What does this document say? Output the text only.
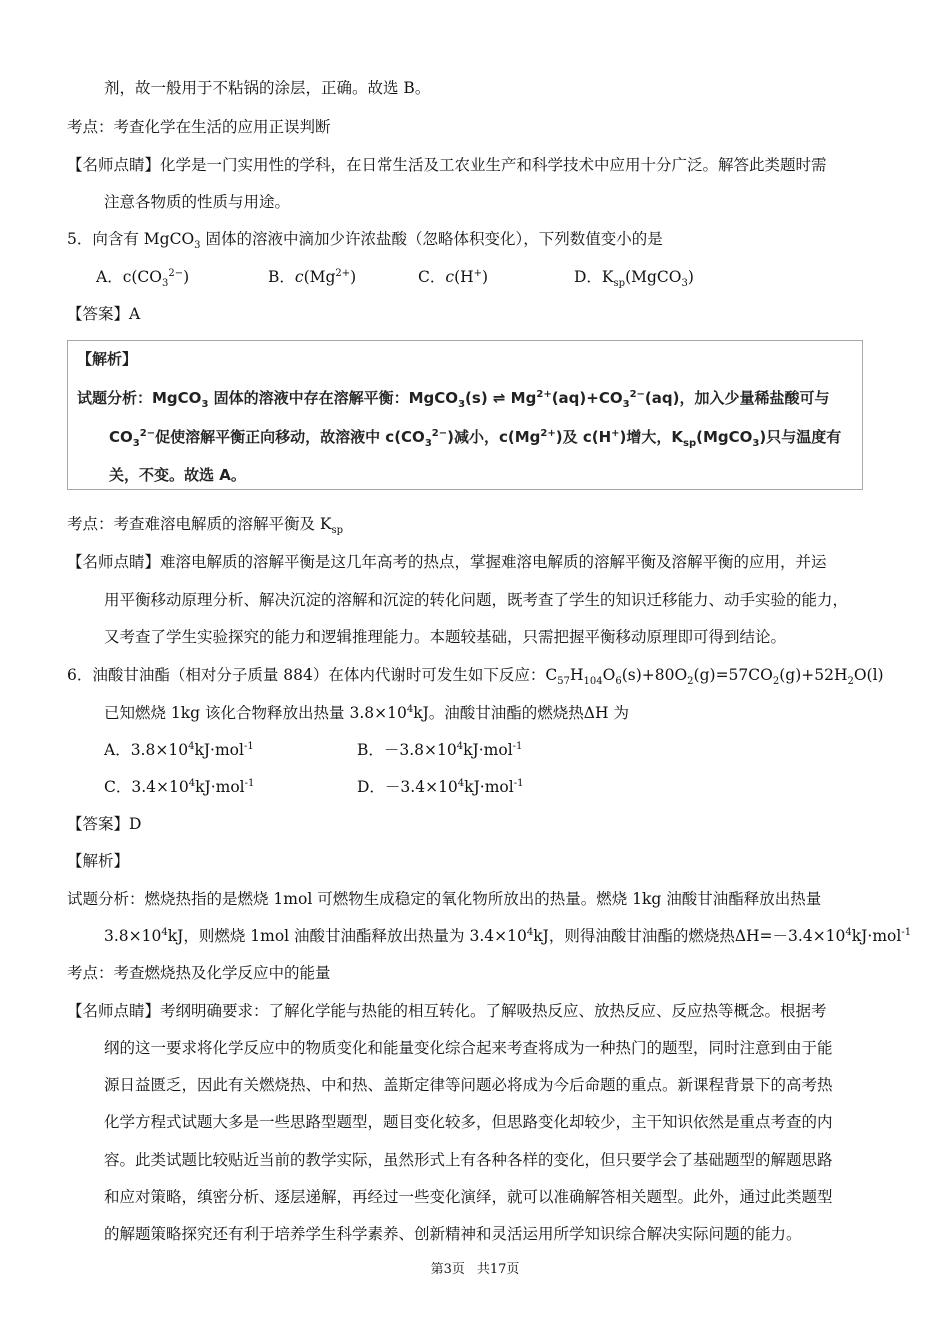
剂，故一般用于不粘锅的涂层，正确。故选 B。
考点：考查化学在生活的应用正误判断
【名师点睛】化学是一门实用性的学科，在日常生活及工农业生产和科学技术中应用十分广泛。解答此类题时需
注意各物质的性质与用途。
5．向含有 MgCO$_3$ 固体的溶液中滴加少许浓盐酸（忽略体积变化），下列数值变小的是
A．$c(CO_3^{2-})$	B．$c(Mg^{2+})$	C．c(H+)	D．$K_{sp}(MgCO_3)$
【答案】A
【解析】
试题分析：MgCO$_3$ 固体的溶液中存在溶解平衡：MgCO$_3$(s) ⇌ $Mg^{2+}(aq)+CO_3^{2-}(aq)$，加入少量稀盐酸可与
$CO_3^{2-}$促使溶解平衡正向移动，故溶液中 $c(CO_3^{2-})$减小，$c(Mg^{2+})$及 c(H+)增大，$K_{sp}(MgCO_3)$只与温度有
关，不变。故选 A。
考点：考查难溶电解质的溶解平衡及 $K_{sp}$
【名师点睛】难溶电解质的溶解平衡是这几年高考的热点，掌握难溶电解质的溶解平衡及溶解平衡的应用，并运
用平衡移动原理分析、解决沉淀的溶解和沉淀的转化问题，既考查了学生的知识迁移能力、动手实验的能力，
又考查了学生实验探究的能力和逻辑推理能力。本题较基础，只需把握平衡移动原理即可得到结论。
6．油酸甘油酯（相对分子质量 884）在体内代谢时可发生如下反应：$C_{57}H_{104}O_6(s)+80O_2(g)=57CO_2(g)+52H_2O(l)$
已知燃烧 1kg 该化合物释放出热量 $3.8\times 10^4kJ$。油酸甘油酯的燃烧热ΔH 为
A．$3.8\times 10^4kJ\cdot mol^{-1}$	B．$-3.8\times 10^4kJ\cdot mol^{-1}$
C．$3.4\times 10^4kJ\cdot mol^{-1}$	D．$-3.4\times 10^4kJ\cdot mol^{-1}$
【答案】D
【解析】
试题分析：燃烧热指的是燃烧 1mol 可燃物生成稳定的氧化物所放出的热量。燃烧 1kg 油酸甘油酯释放出热量
$3.8\times 10^4kJ$，则燃烧 1mol 油酸甘油酯释放出热量为 $3.4\times 10^4kJ$，则得油酸甘油酯的燃烧热$\Delta H=-3.4\times 10^4kJ\cdot mol^{-1}$
考点：考查燃烧热及化学反应中的能量
【名师点睛】考纲明确要求：了解化学能与热能的相互转化。了解吸热反应、放热反应、反应热等概念。根据考
纲的这一要求将化学反应中的物质变化和能量变化综合起来考查将成为一种热门的题型，同时注意到由于能
源日益匮乏，因此有关燃烧热、中和热、盖斯定律等问题必将成为今后命题的重点。新课程背景下的高考热
化学方程式试题大多是一些思路型题型，题目变化较多，但思路变化却较少，主干知识依然是重点考查的内
容。此类试题比较贴近当前的教学实际，虽然形式上有各种各样的变化，但只要学会了基础题型的解题思路
和应对策略，缜密分析、逐层递解，再经过一些变化演绎，就可以准确解答相关题型。此外，通过此类题型
的解题策略探究还有利于培养学生科学素养、创新精神和灵活运用所学知识综合解决实际问题的能力。
第3页 共17页
